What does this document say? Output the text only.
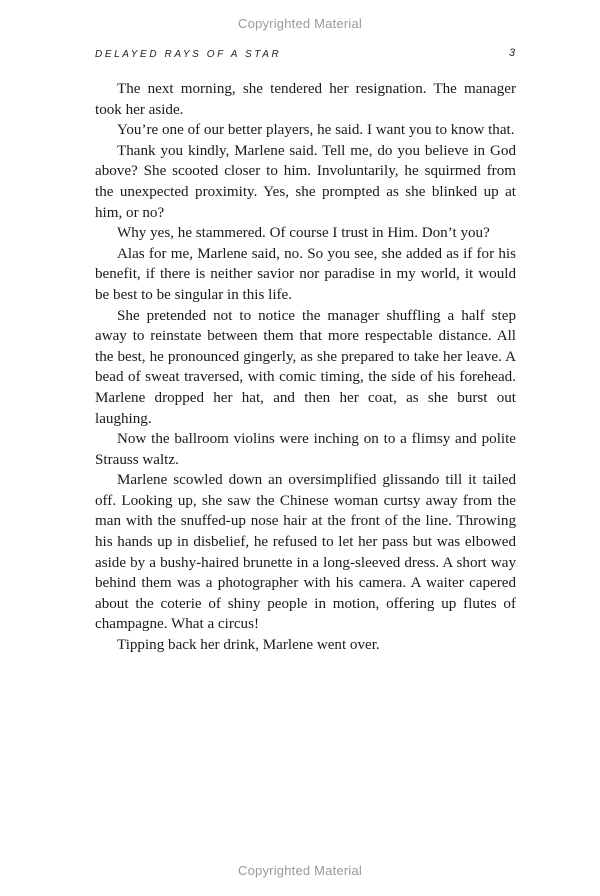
Copyrighted Material
DELAYED RAYS OF A STAR	3

The next morning, she tendered her resignation. The manager took her aside.

You’re one of our better players, he said. I want you to know that.

Thank you kindly, Marlene said. Tell me, do you believe in God above? She scooted closer to him. Involuntarily, he squirmed from the unexpected proximity. Yes, she prompted as she blinked up at him, or no?

Why yes, he stammered. Of course I trust in Him. Don’t you?

Alas for me, Marlene said, no. So you see, she added as if for his benefit, if there is neither savior nor paradise in my world, it would be best to be singular in this life.

She pretended not to notice the manager shuffling a half step away to reinstate between them that more respectable distance. All the best, he pronounced gingerly, as she prepared to take her leave. A bead of sweat traversed, with comic timing, the side of his forehead. Marlene dropped her hat, and then her coat, as she burst out laughing.

Now the ballroom violins were inching on to a flimsy and polite Strauss waltz.

Marlene scowled down an oversimplified glissando till it tailed off. Looking up, she saw the Chinese woman curtsy away from the man with the snuffed-up nose hair at the front of the line. Throwing his hands up in disbelief, he refused to let her pass but was elbowed aside by a bushy-haired brunette in a long-sleeved dress. A short way behind them was a photographer with his camera. A waiter capered about the coterie of shiny people in motion, offering up flutes of champagne. What a circus!

Tipping back her drink, Marlene went over.

Copyrighted Material
